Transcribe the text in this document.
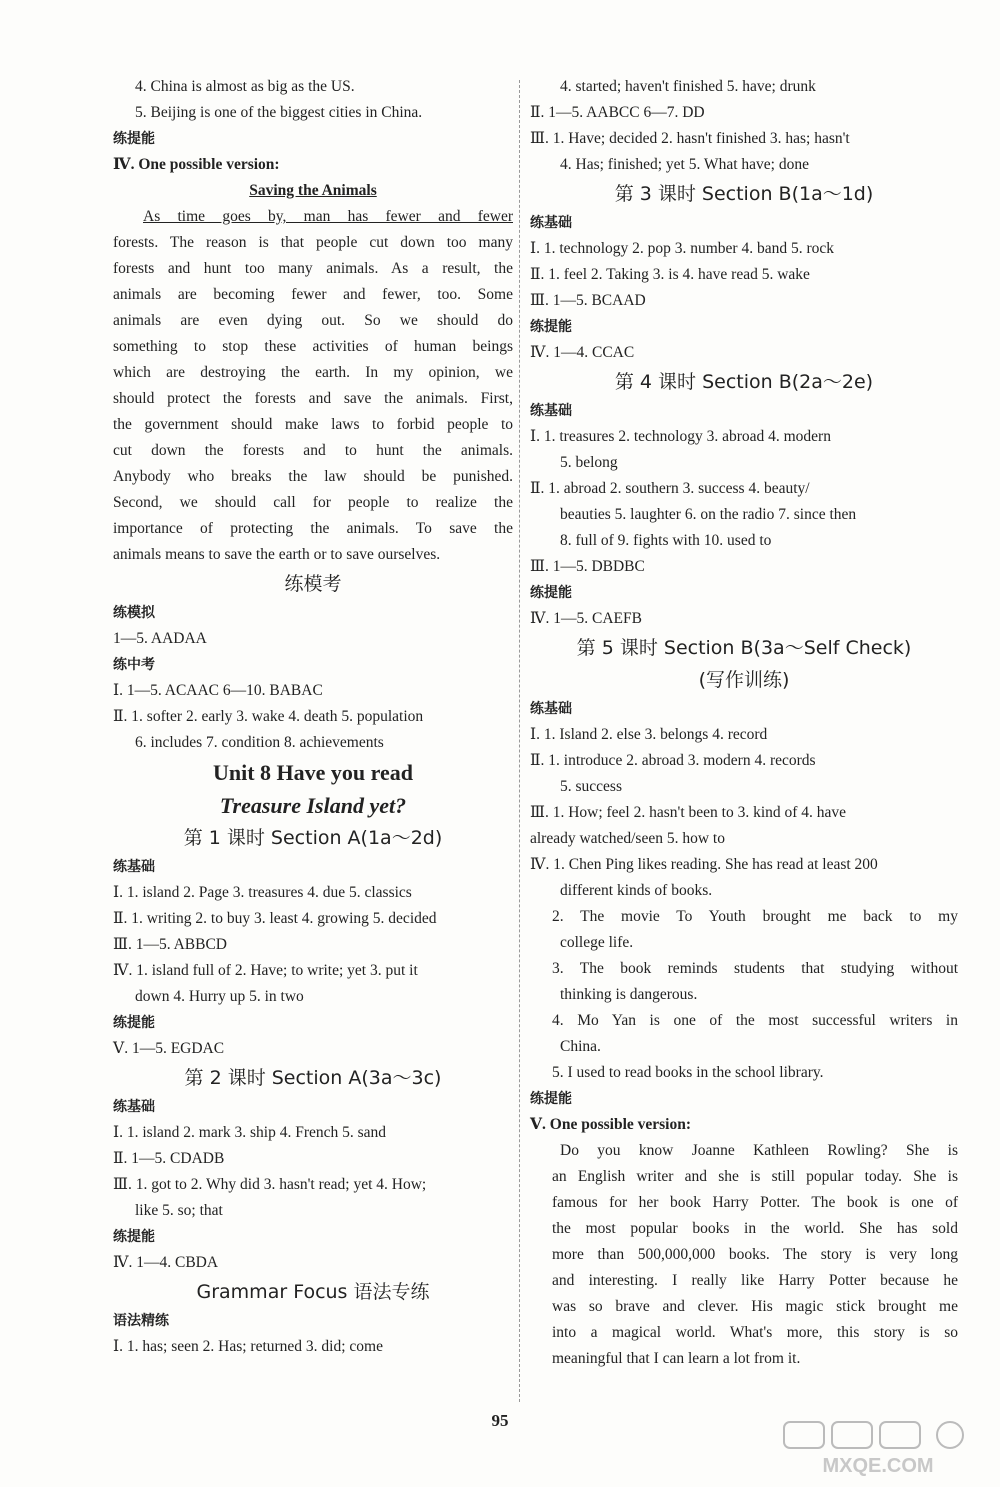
4. China is almost as big as the US.
5. Beijing is one of the biggest cities in China.
练提能
Ⅳ. One possible version:
Saving the Animals
As time goes by, man has fewer and fewer
forests. The reason is that people cut down too many
forests and hunt too many animals. As a result, the
animals are becoming fewer and fewer, too. Some
animals are even dying out. So we should do
something to stop these activities of human beings
which are destroying the earth. In my opinion, we
should protect the forests and save the animals. First,
the government should make laws to forbid people to
cut down the forests and to hunt the animals.
Anybody who breaks the law should be punished.
Second, we should call for people to realize the
importance of protecting the animals. To save the
animals means to save the earth or to save ourselves.
练模考
练模拟
1—5. AADAA
练中考
Ⅰ. 1—5. ACAAC 6—10. BABAC
Ⅱ. 1. softer 2. early 3. wake 4. death 5. population
6. includes 7. condition 8. achievements
Unit 8 Have you read
Treasure Island yet?
第 1 课时 Section A(1a～2d)
练基础
Ⅰ. 1. island 2. Page 3. treasures 4. due 5. classics
Ⅱ. 1. writing 2. to buy 3. least 4. growing 5. decided
Ⅲ. 1—5. ABBCD
Ⅳ. 1. island full of 2. Have; to write; yet 3. put it
down 4. Hurry up 5. in two
练提能
Ⅴ. 1—5. EGDAC
第 2 课时 Section A(3a～3c)
练基础
Ⅰ. 1. island 2. mark 3. ship 4. French 5. sand
Ⅱ. 1—5. CDADB
Ⅲ. 1. got to 2. Why did 3. hasn't read; yet 4. How;
like 5. so; that
练提能
Ⅳ. 1—4. CBDA
Grammar Focus 语法专练
语法精练
Ⅰ. 1. has; seen 2. Has; returned 3. did; come
4. started; haven't finished 5. have; drunk
Ⅱ. 1—5. AABCC 6—7. DD
Ⅲ. 1. Have; decided 2. hasn't finished 3. has; hasn't
4. Has; finished; yet 5. What have; done
第 3 课时 Section B(1a～1d)
练基础
Ⅰ. 1. technology 2. pop 3. number 4. band 5. rock
Ⅱ. 1. feel 2. Taking 3. is 4. have read 5. wake
Ⅲ. 1—5. BCAAD
练提能
Ⅳ. 1—4. CCAC
第 4 课时 Section B(2a～2e)
练基础
Ⅰ. 1. treasures 2. technology 3. abroad 4. modern
5. belong
Ⅱ. 1. abroad 2. southern 3. success 4. beauty/
beauties 5. laughter 6. on the radio 7. since then
8. full of 9. fights with 10. used to
Ⅲ. 1—5. DBDBC
练提能
Ⅳ. 1—5. CAEFB
第 5 课时 Section B(3a～Self Check)
(写作训练)
练基础
Ⅰ. 1. Island 2. else 3. belongs 4. record
Ⅱ. 1. introduce 2. abroad 3. modern 4. records
5. success
Ⅲ. 1. How; feel 2. hasn't been to 3. kind of 4. have
already watched/seen 5. how to
Ⅳ. 1. Chen Ping likes reading. She has read at least 200
different kinds of books.
2. The movie To Youth brought me back to my
college life.
3. The book reminds students that studying without
thinking is dangerous.
4. Mo Yan is one of the most successful writers in
China.
5. I used to read books in the school library.
练提能
Ⅴ. One possible version:
Do you know Joanne Kathleen Rowling? She is
an English writer and she is still popular today. She is
famous for her book Harry Potter. The book is one of
the most popular books in the world. She has sold
more than 500,000,000 books. The story is very long
and interesting. I really like Harry Potter because he
was so brave and clever. His magic stick brought me
into a magical world. What's more, this story is so
meaningful that I can learn a lot from it.
95
MXQE.COM
